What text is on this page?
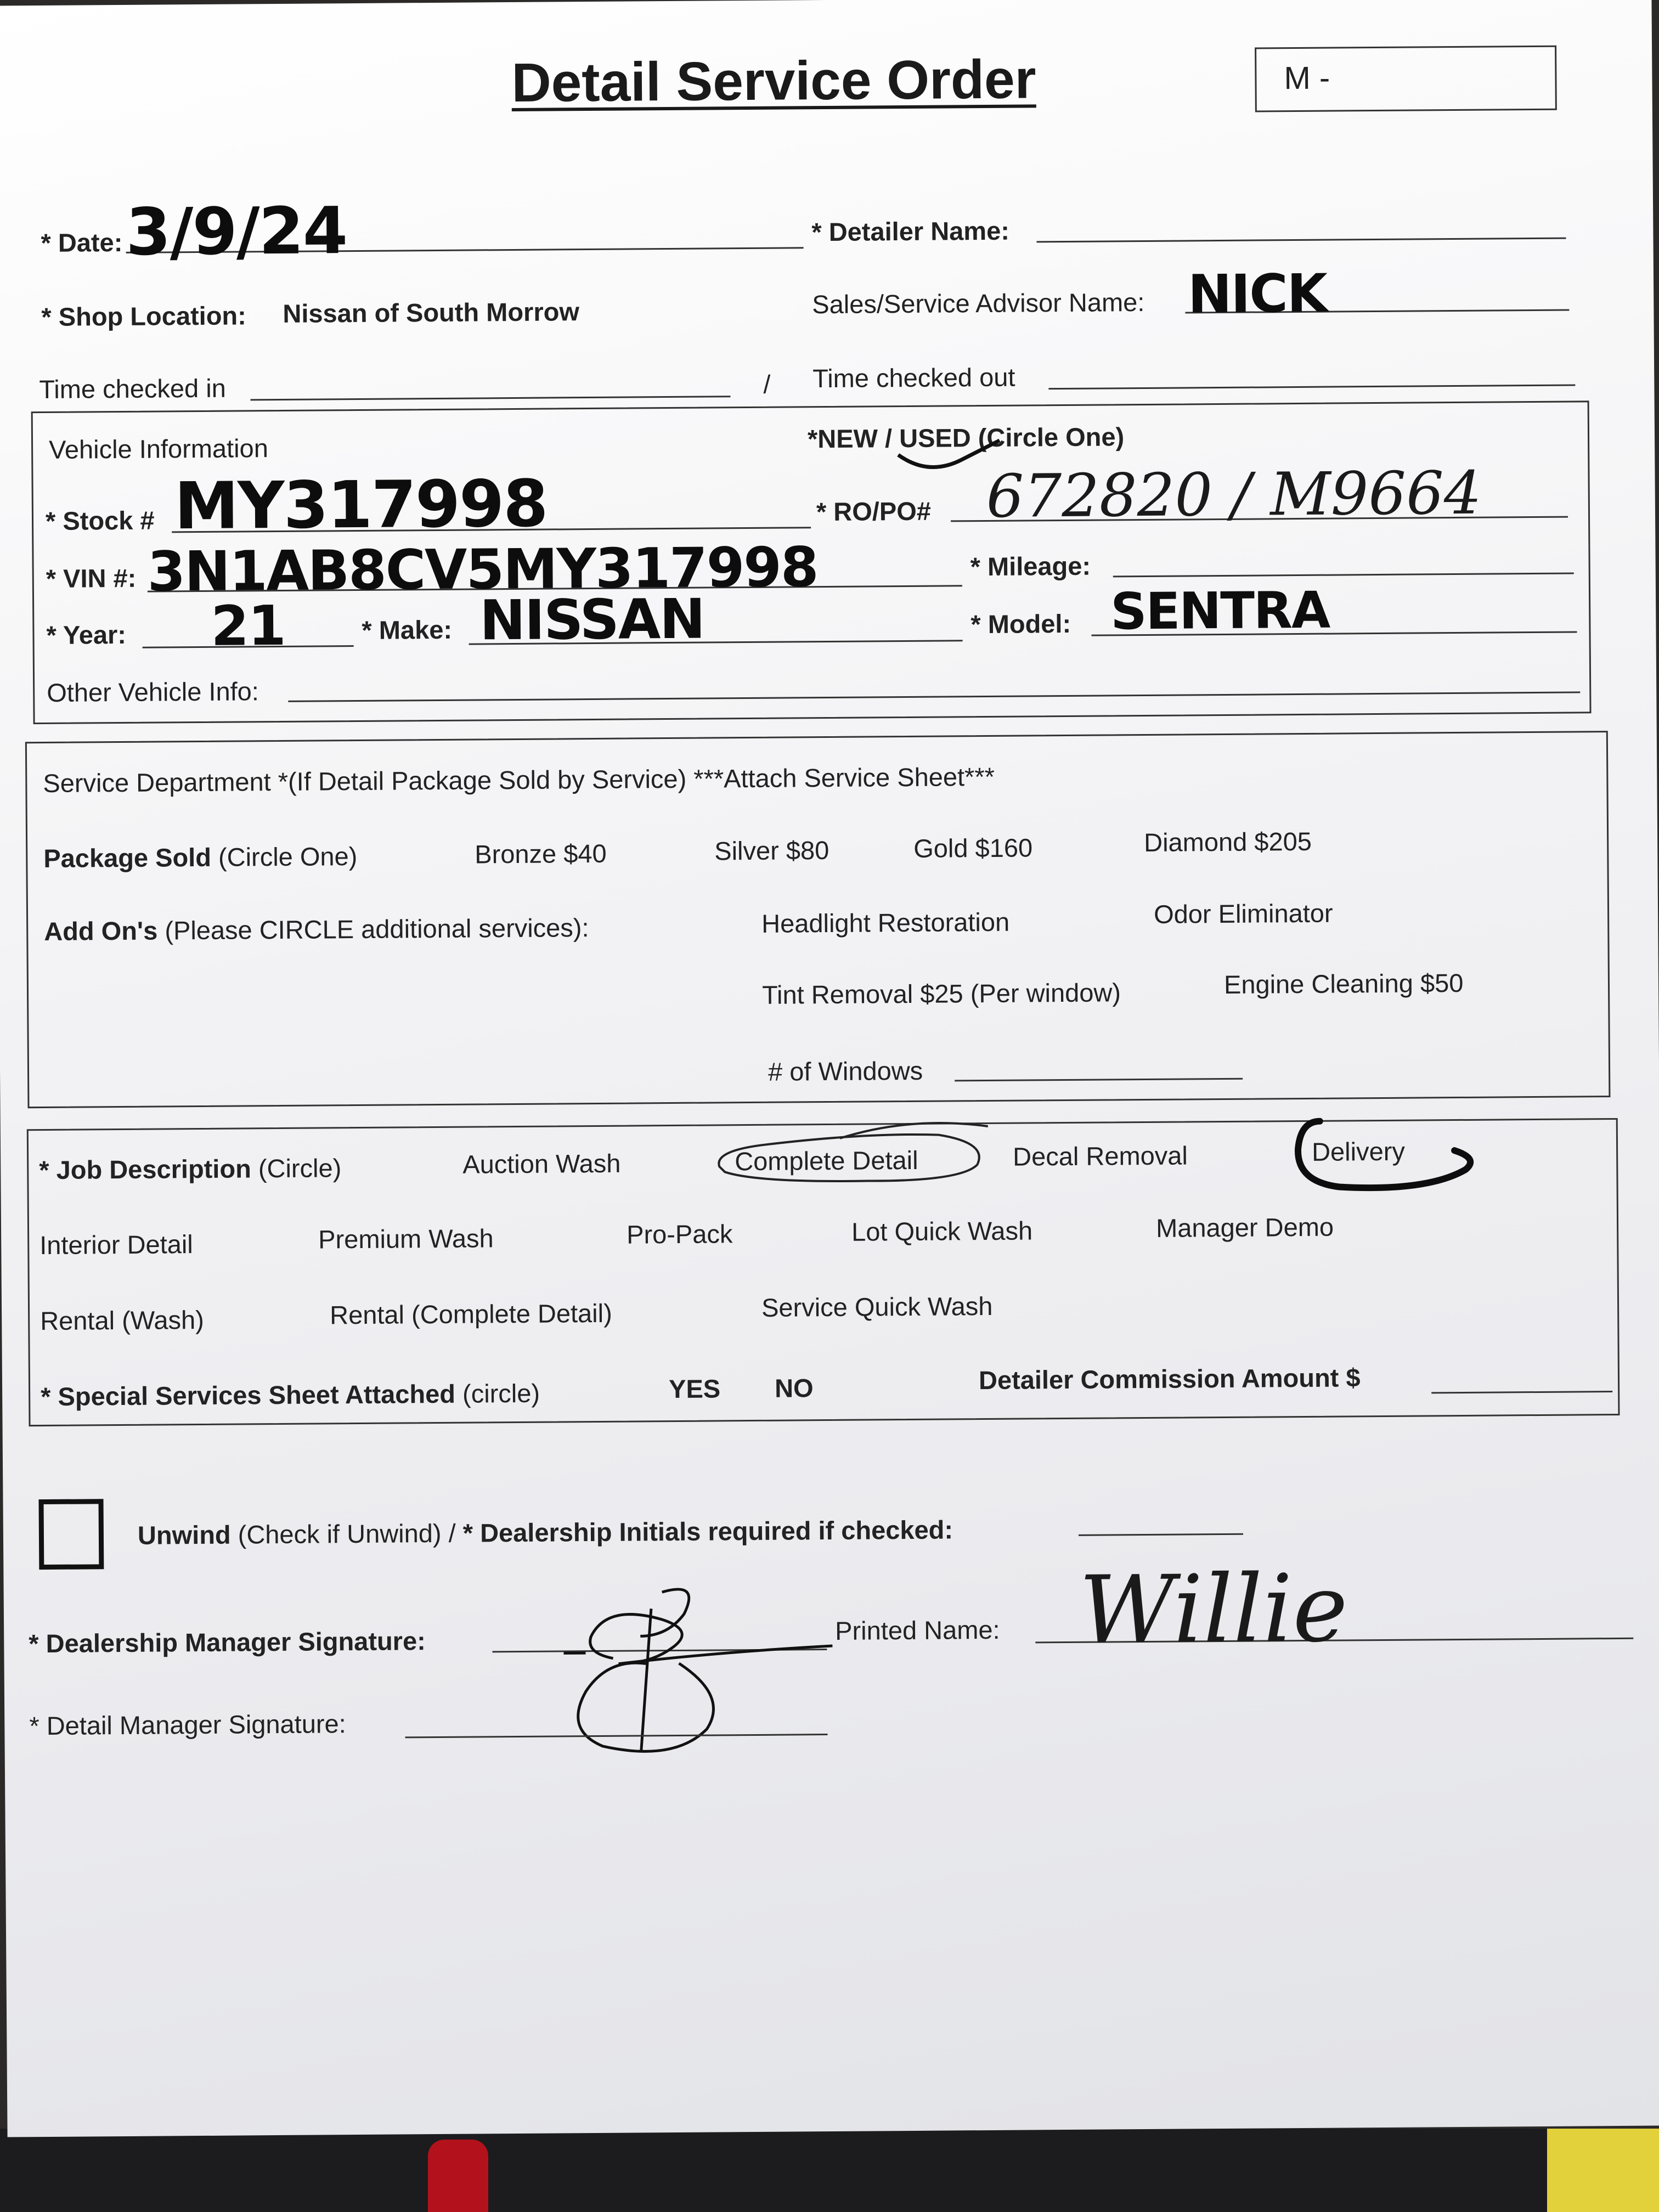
Detail Service Order	M -
* Date: 3/9/24	* Detailer Name:
* Shop Location: Nissan of South Morrow	Sales/Service Advisor Name: NICK
Time checked in	/ Time checked out
Vehicle Information	*NEW / USED (Circle One)
* Stock # MY317998	* RO/PO# 672820 / M9664
* VIN #: 3N1AB8CV5MY317998	* Mileage:
* Year: 21	* Make: NISSAN	* Model: SENTRA
Other Vehicle Info:
Service Department *(If Detail Package Sold by Service) ***Attach Service Sheet***
Package Sold (Circle One)	Bronze $40	Silver $80	Gold $160	Diamond $205
Add On's (Please CIRCLE additional services):	Headlight Restoration	Odor Eliminator
Tint Removal $25 (Per window)	Engine Cleaning $50
# of Windows
* Job Description (Circle)	Auction Wash	Complete Detail	Decal Removal	Delivery
Interior Detail	Premium Wash	Pro-Pack	Lot Quick Wash	Manager Demo
Rental (Wash)	Rental (Complete Detail)	Service Quick Wash
* Special Services Sheet Attached (circle)	YES NO	Detailer Commission Amount $
Unwind (Check if Unwind) / * Dealership Initials required if checked:
* Dealership Manager Signature:	Printed Name: Willie
* Detail Manager Signature:
